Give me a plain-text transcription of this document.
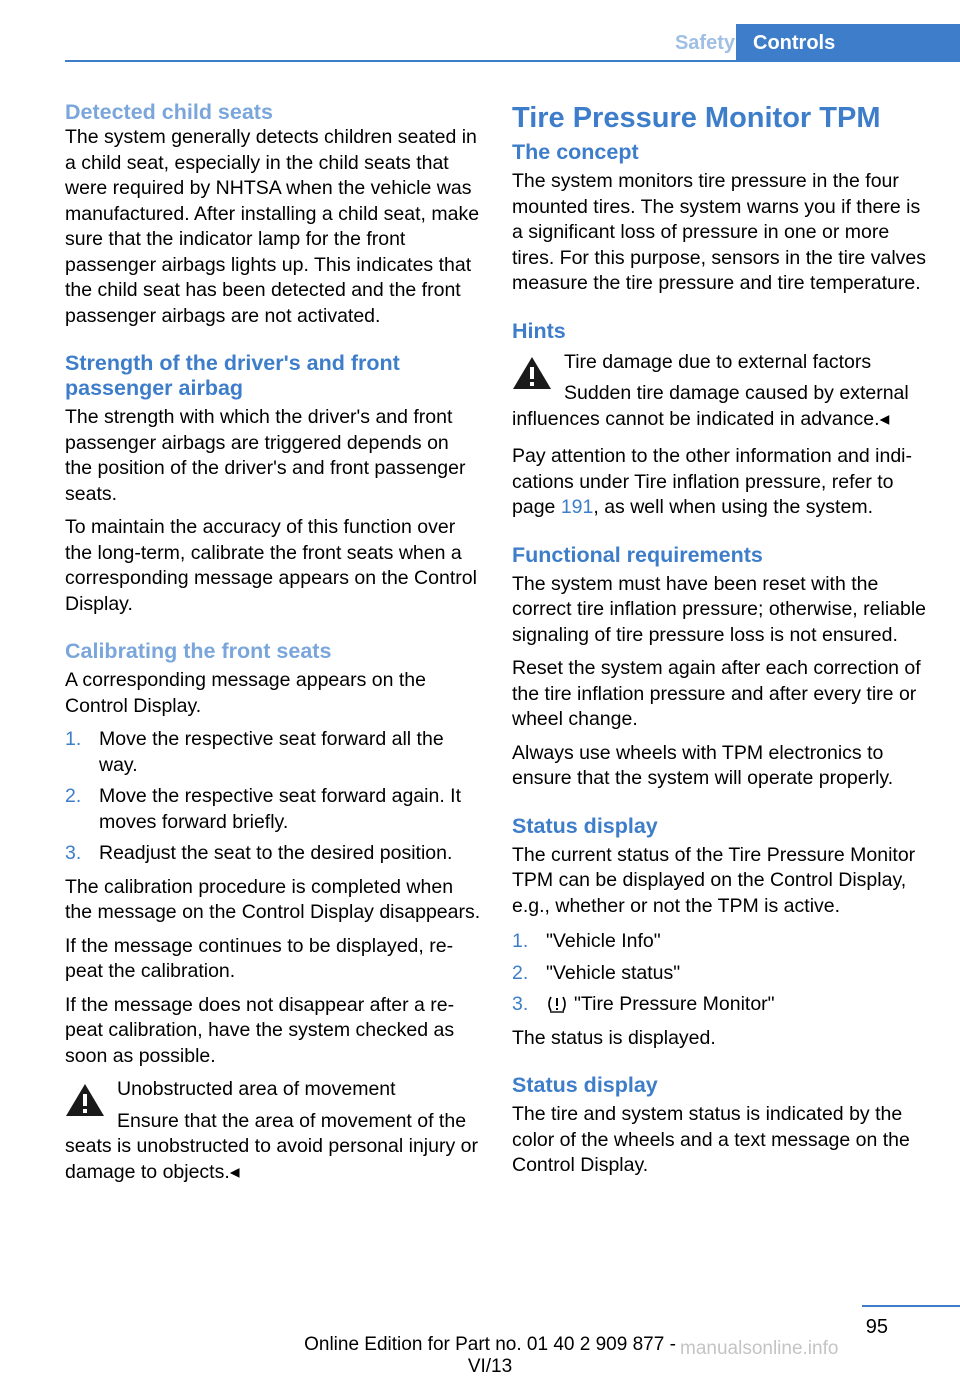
Safety Controls
Detected child seats

The system generally detects children seated in a child seat, especially in the child seats that were required by NHTSA when the vehicle was manufactured. After installing a child seat, make sure that the indicator lamp for the front passenger airbags lights up. This indicates that the child seat has been detected and the front passenger airbags are not activated.

Strength of the driver's and front passenger airbag

The strength with which the driver's and front passenger airbags are triggered depends on the position of the driver's and front passenger seats.

To maintain the accuracy of this function over the long-term, calibrate the front seats when a corresponding message appears on the Control Display.

Calibrating the front seats

A corresponding message appears on the Control Display.

1. Move the respective seat forward all the way.
2. Move the respective seat forward again. It moves forward briefly.
3. Readjust the seat to the desired position.

The calibration procedure is completed when the message on the Control Display disappears.

If the message continues to be displayed, repeat the calibration.

If the message does not disappear after a repeat calibration, have the system checked as soon as possible.

Unobstructed area of movement

Ensure that the area of movement of the
seats is unobstructed to avoid personal injury or damage to objects.◂

Tire Pressure Monitor TPM
The concept

The system monitors tire pressure in the four mounted tires. The system warns you if there is a significant loss of pressure in one or more tires. For this purpose, sensors in the tire valves measure the tire pressure and tire temperature.

Hints
Tire damage due to external factors

Sudden tire damage caused by external
influences cannot be indicated in advance.◂

Pay attention to the other information and indications under Tire inflation pressure, refer to page 191, as well when using the system.

Functional requirements

The system must have been reset with the correct tire inflation pressure; otherwise, reliable signaling of tire pressure loss is not ensured.

Reset the system again after each correction of the tire inflation pressure and after every tire or wheel change.

Always use wheels with TPM electronics to ensure that the system will operate properly.

Status display

The current status of the Tire Pressure Monitor TPM can be displayed on the Control Display, e.g., whether or not the TPM is active.

1. "Vehicle Info"
2. "Vehicle status"
3. "Tire Pressure Monitor"

The status is displayed.

Status display

The tire and system status is indicated by the color of the wheels and a text message on the Control Display.

95
Online Edition for Part no. 01 40 2 909 877 - VI/13
manualsonline.info
